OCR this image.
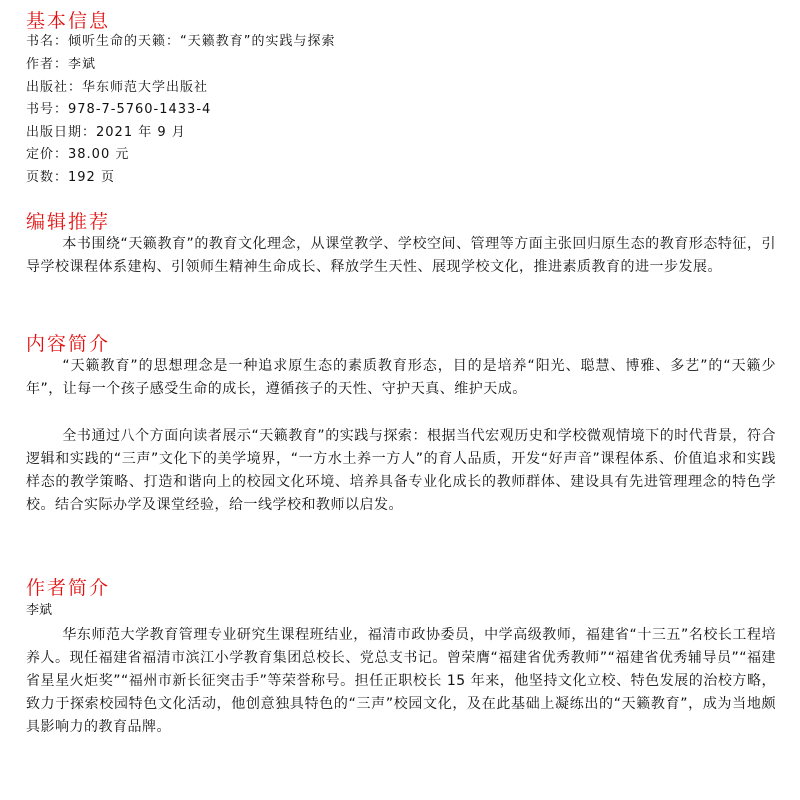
基本信息
书名：倾听生命的天籁：“天籁教育”的实践与探索
作者：李斌
出版社：华东师范大学出版社
书号：978-7-5760-1433-4
出版日期：2021 年 9 月
定价：38.00 元
页数：192 页
编辑推荐
本书围绕“天籁教育”的教育文化理念，从课堂教学、学校空间、管理等方面主张回归原生态的教育形态特征，引导学校课程体系建构、引领师生精神生命成长、释放学生天性、展现学校文化，推进素质教育的进一步发展。
内容简介
“天籁教育”的思想理念是一种追求原生态的素质教育形态，目的是培养“阳光、聪慧、博雅、多艺”的“天籁少年”，让每一个孩子感受生命的成长，遵循孩子的天性、守护天真、维护天成。
全书通过八个方面向读者展示“天籁教育”的实践与探索：根据当代宏观历史和学校微观情境下的时代背景，符合逻辑和实践的“三声”文化下的美学境界，“一方水土养一方人”的育人品质，开发“好声音”课程体系、价值追求和实践样态的教学策略、打造和谐向上的校园文化环境、培养具备专业化成长的教师群体、建设具有先进管理理念的特色学校。结合实际办学及课堂经验，给一线学校和教师以启发。
作者简介
李斌
华东师范大学教育管理专业研究生课程班结业，福清市政协委员，中学高级教师，福建省“十三五”名校长工程培养人。现任福建省福清市滨江小学教育集团总校长、党总支书记。曾荣膺“福建省优秀教师”“福建省优秀辅导员”“福建省星星火炬奖”“福州市新长征突击手”等荣誉称号。担任正职校长 15 年来，他坚持文化立校、特色发展的治校方略，致力于探索校园特色文化活动，他创意独具特色的“三声”校园文化，及在此基础上凝练出的“天籁教育”，成为当地颇具影响力的教育品牌。
